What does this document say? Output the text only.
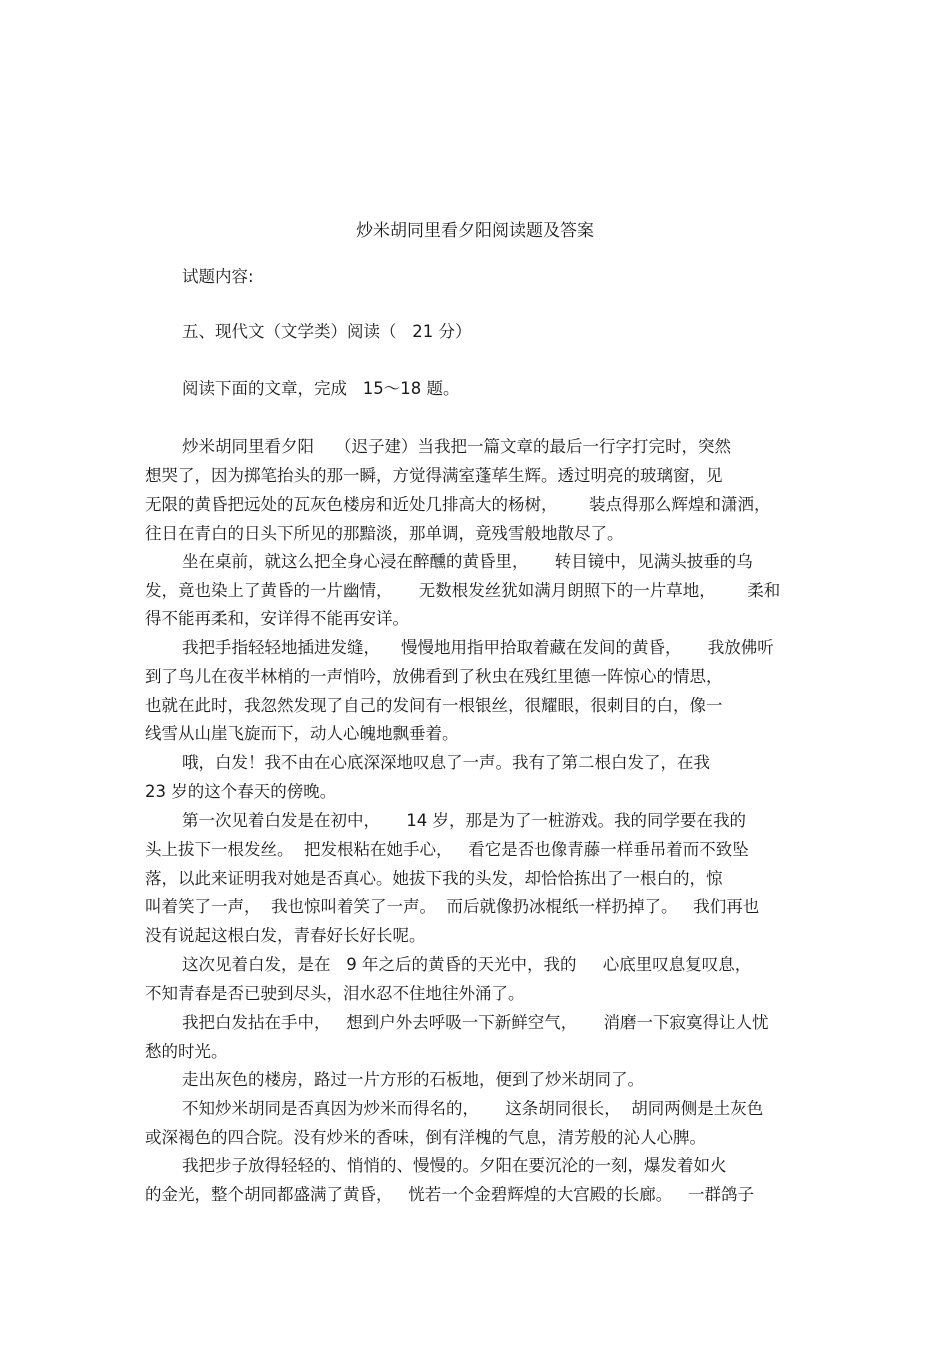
炒米胡同里看夕阳阅读题及答案
试题内容:
五、现代文（文学类）阅读（   21 分）
阅读下面的文章，完成   15～18 题。
炒米胡同里看夕阳    （迟子建）当我把一篇文章的最后一行字打完时，突然
想哭了，因为掷笔抬头的那一瞬，方觉得满室蓬荜生辉。透过明亮的玻璃窗，见
无限的黄昏把远处的瓦灰色楼房和近处几排高大的杨树，      装点得那么辉煌和潇洒，
往日在青白的日头下所见的那黯淡，那单调，竟残雪般地散尽了。
坐在桌前，就这么把全身心浸在醉醺的黄昏里，     转目镜中，见满头披垂的乌
发，竟也染上了黄昏的一片幽情，     无数根发丝犹如满月朗照下的一片草地，      柔和
得不能再柔和，安详得不能再安详。
我把手指轻轻地插进发缝，    慢慢地用指甲拾取着藏在发间的黄昏，     我放佛听
到了鸟儿在夜半林梢的一声悄吟，放佛看到了秋虫在残红里德一阵惊心的情思，
也就在此时，我忽然发现了自己的发间有一根银丝，很耀眼，很刺目的白，像一
线雪从山崖飞旋而下，动人心魄地飘垂着。
哦，白发！我不由在心底深深地叹息了一声。我有了第二根白发了，在我
23 岁的这个春天的傍晚。
第一次见着白发是在初中，     14 岁，那是为了一桩游戏。我的同学要在我的
头上拔下一根发丝。  把发根粘在她手心，   看它是否也像青藤一样垂吊着而不致坠
落，以此来证明我对她是否真心。她拔下我的头发，却恰恰拣出了一根白的，惊
叫着笑了一声，  我也惊叫着笑了一声。  而后就像扔冰棍纸一样扔掉了。   我们再也
没有说起这根白发，青春好长好长呢。
这次见着白发，是在   9 年之后的黄昏的天光中，我的     心底里叹息复叹息，
不知青春是否已驶到尽头，泪水忍不住地往外涌了。
我把白发拈在手中，   想到户外去呼吸一下新鲜空气，     消磨一下寂寞得让人忧
愁的时光。
走出灰色的楼房，路过一片方形的石板地，便到了炒米胡同了。
不知炒米胡同是否真因为炒米而得名的，     这条胡同很长，  胡同两侧是土灰色
或深褐色的四合院。没有炒米的香味，倒有洋槐的气息，清芳般的沁人心脾。
我把步子放得轻轻的、悄悄的、慢慢的。夕阳在要沉沦的一刻，爆发着如火
的金光，整个胡同都盛满了黄昏，   恍若一个金碧辉煌的大宫殿的长廊。   一群鸽子
